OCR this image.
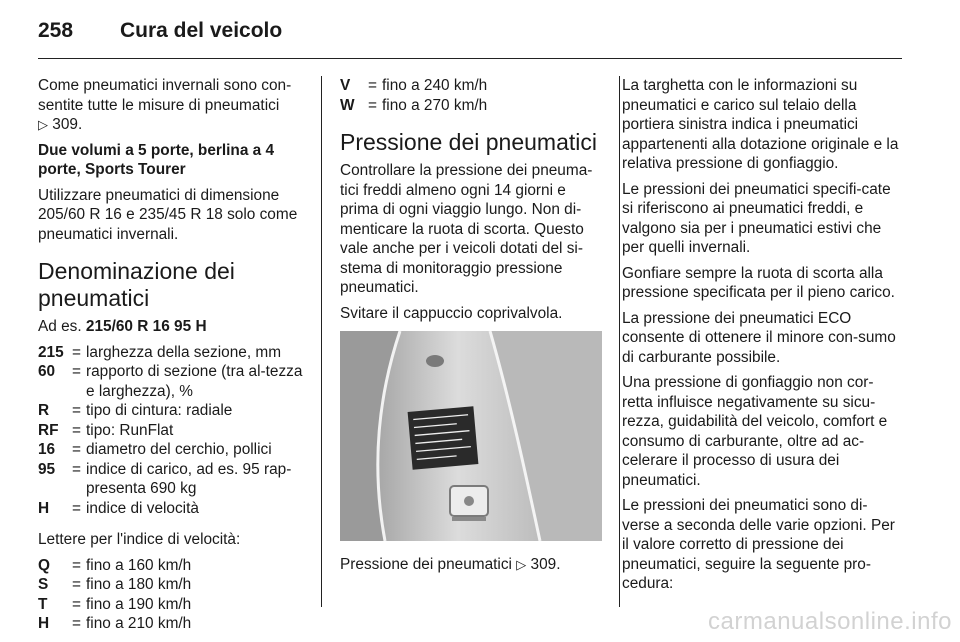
258 Cura del veicolo

Come pneumatici invernali sono con-sentite tutte le misure di pneumatici
▷ 309.

Due volumi a 5 porte, berlina a 4 porte, Sports Tourer

Utilizzare pneumatici di dimensione 205/60 R 16 e 235/45 R 18 solo come pneumatici invernali.

Denominazione dei pneumatici

Ad es. 215/60 R 16 95 H

215 = larghezza della sezione, mm
60	= rapporto di sezione (tra al-tezza e larghezza), %
R	= tipo di cintura: radiale
RF = tipo: RunFlat
16	= diametro del cerchio, pollici
95	= indice di carico, ad es. 95 rap-presenta 690 kg
H	= indice di velocità

Lettere per l'indice di velocità:

Q	= fino a 160 km/h
S	= fino a 180 km/h
T	= fino a 190 km/h
H	= fino a 210 km/h
V	= fino a 240 km/h
W = fino a 270 km/h
Pressione dei pneumatici

Controllare la pressione dei pneuma-tici freddi almeno ogni 14 giorni e prima di ogni viaggio lungo. Non di-menticare la ruota di scorta. Questo vale anche per i veicoli dotati del si-stema di monitoraggio pressione pneumatici.

Svitare il cappuccio coprivalvola.

Pressione dei pneumatici ▷ 309.

La targhetta con le informazioni su pneumatici e carico sul telaio della portiera sinistra indica i pneumatici appartenenti alla dotazione originale e la relativa pressione di gonfiaggio.

Le pressioni dei pneumatici specifi-cate si riferiscono ai pneumatici freddi, e valgono sia per i pneumatici estivi che per quelli invernali.

Gonfiare sempre la ruota di scorta alla pressione specificata per il pieno carico.

La pressione dei pneumatici ECO consente di ottenere il minore con-sumo di carburante possibile.

Una pressione di gonfiaggio non cor-retta influisce negativamente su sicu-rezza, guidabilità del veicolo, comfort e consumo di carburante, oltre ad ac-celerare il processo di usura dei pneumatici.

Le pressioni dei pneumatici sono di-verse a seconda delle varie opzioni. Per il valore corretto di pressione dei pneumatici, seguire la seguente pro-cedura:

carmanualsonline.info
